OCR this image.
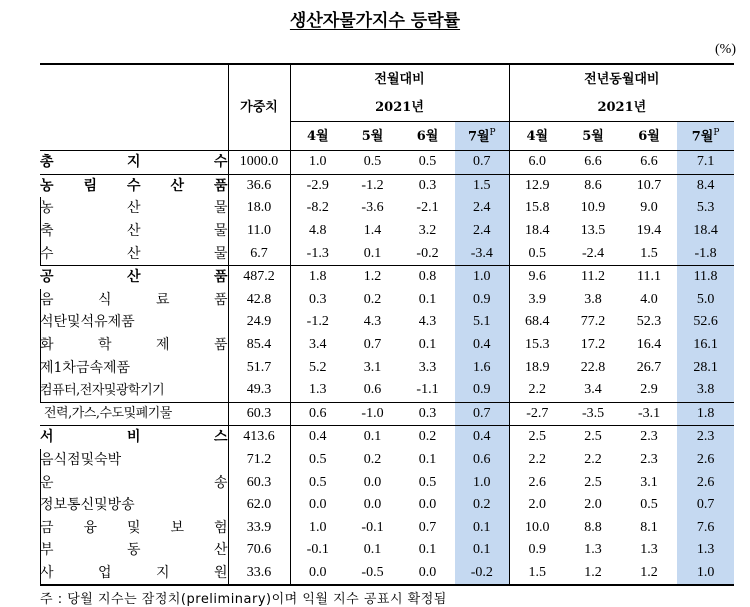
생산자물가지수 등락률
(%)
	가중치	전월대비				전년동월대비			
		2021년				2021년			
		4월	5월	6월	7월$^P$	4월	5월	6월	7월$^P$
총 지 수	1000.0	1.0	0.5	0.5	0.7	6.0	6.6	6.6	7.1
농 림 수 산 품	36.6	-2.9	-1.2	0.3	1.5	12.9	8.6	10.7	8.4
농 산 물	18.0	-8.2	-3.6	-2.1	2.4	15.8	10.9	9.0	5.3
축 산 물	11.0	4.8	1.4	3.2	2.4	18.4	13.5	19.4	18.4
수 산 물	6.7	-1.3	0.1	-0.2	-3.4	0.5	-2.4	1.5	-1.8
공 산 품	487.2	1.8	1.2	0.8	1.0	9.6	11.2	11.1	11.8
음 식 료 품	42.8	0.3	0.2	0.1	0.9	3.9	3.8	4.0	5.0
석탄및석유제품	24.9	-1.2	4.3	4.3	5.1	68.4	77.2	52.3	52.6
화 학 제 품	85.4	3.4	0.7	0.1	0.4	15.3	17.2	16.4	16.1
제1차금속제품	51.7	5.2	3.1	3.3	1.6	18.9	22.8	26.7	28.1
컴퓨터,전자및광학기기	49.3	1.3	0.6	-1.1	0.9	2.2	3.4	2.9	3.8
전력,가스,수도및폐기물	60.3	0.6	-1.0	0.3	0.7	-2.7	-3.5	-3.1	1.8
서 비 스	413.6	0.4	0.1	0.2	0.4	2.5	2.5	2.3	2.3
음식점및숙박	71.2	0.5	0.2	0.1	0.6	2.2	2.2	2.3	2.6
운 송	60.3	0.5	0.0	0.5	1.0	2.6	2.5	3.1	2.6
정보통신및방송	62.0	0.0	0.0	0.0	0.2	2.0	2.0	0.5	0.7
금 융 및 보 험	33.9	1.0	-0.1	0.7	0.1	10.0	8.8	8.1	7.6
부 동 산	70.6	-0.1	0.1	0.1	0.1	0.9	1.3	1.3	1.3
사 업 지 원	33.6	0.0	-0.5	0.0	-0.2	1.5	1.2	1.2	1.0
주 : 당월 지수는 잠정치(preliminary)이며 익월 지수 공표시 확정됨
